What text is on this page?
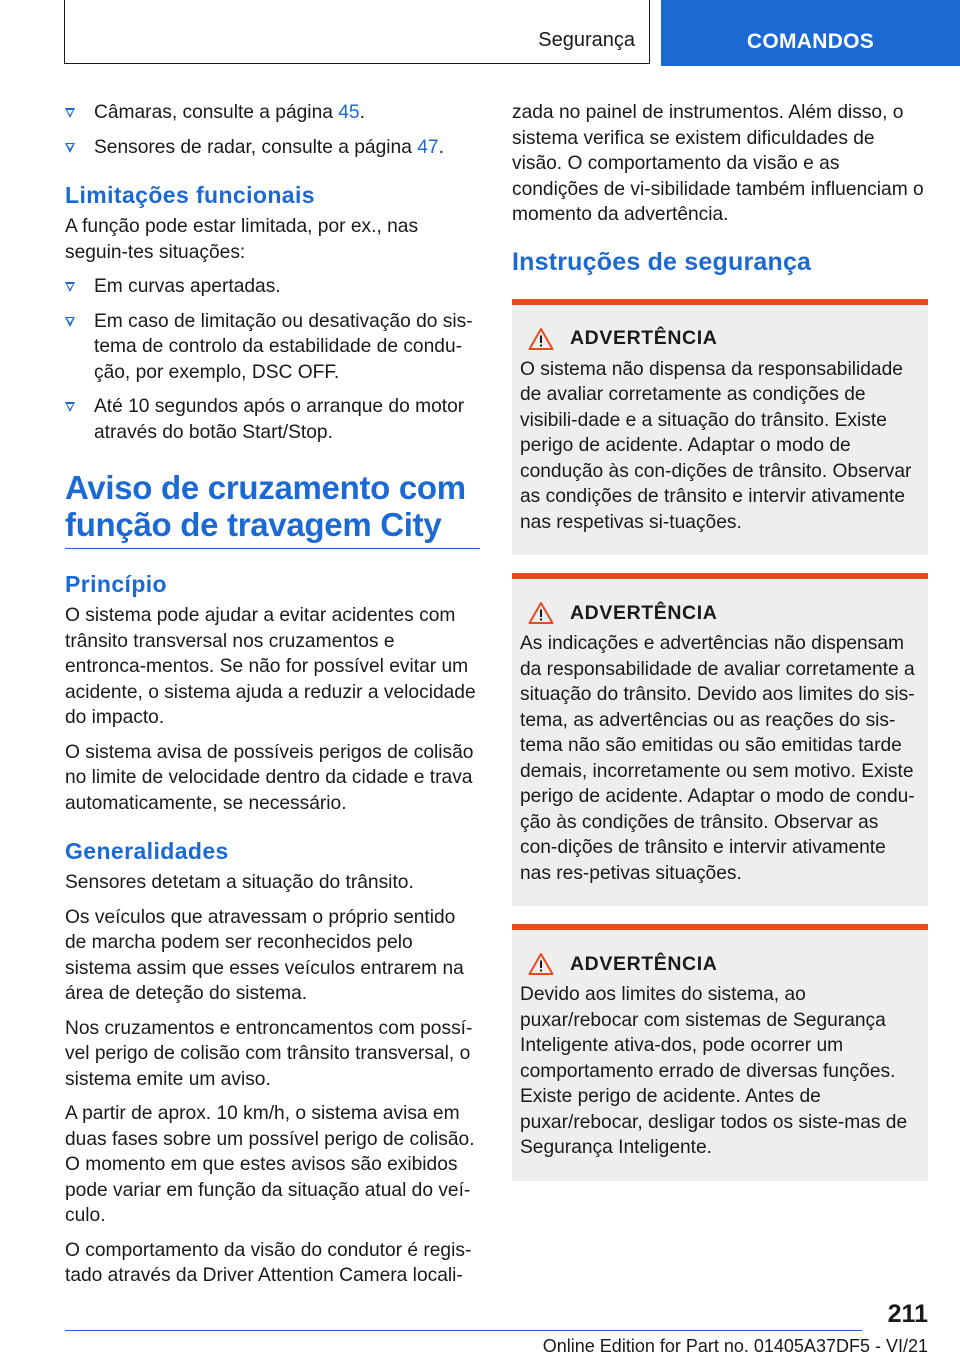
Segurança	COMANDOS
Câmaras, consulte a página 45.
Sensores de radar, consulte a página 47.
Limitações funcionais

A função pode estar limitada, por ex., nas seguin-tes situações:

Em curvas apertadas.
Em caso de limitação ou desativação do sis-tema de controlo da estabilidade de condu-ção, por exemplo, DSC OFF.
Até 10 segundos após o arranque do motor através do botão Start/Stop.
Aviso de cruzamento com função de travagem City
Princípio

O sistema pode ajudar a evitar acidentes com trânsito transversal nos cruzamentos e entronca-mentos. Se não for possível evitar um acidente, o sistema ajuda a reduzir a velocidade do impacto.

O sistema avisa de possíveis perigos de colisão no limite de velocidade dentro da cidade e trava automaticamente, se necessário.

Generalidades

Sensores detetam a situação do trânsito.

Os veículos que atravessam o próprio sentido de marcha podem ser reconhecidos pelo sistema assim que esses veículos entrarem na área de deteção do sistema.

Nos cruzamentos e entroncamentos com possí-vel perigo de colisão com trânsito transversal, o sistema emite um aviso.

A partir de aprox. 10 km/h, o sistema avisa em duas fases sobre um possível perigo de colisão. O momento em que estes avisos são exibidos pode variar em função da situação atual do veí-culo.

O comportamento da visão do condutor é regis-tado através da Driver Attention Camera locali-

zada no painel de instrumentos. Além disso, o sistema verifica se existem dificuldades de visão. O comportamento da visão e as condições de vi-sibilidade também influenciam o momento da advertência.

Instruções de segurança
ADVERTÊNCIA

O sistema não dispensa da responsabilidade de avaliar corretamente as condições de visibili-dade e a situação do trânsito. Existe perigo de acidente. Adaptar o modo de condução às con-dições de trânsito. Observar as condições de trânsito e intervir ativamente nas respetivas si-tuações.

ADVERTÊNCIA

As indicações e advertências não dispensam da responsabilidade de avaliar corretamente a situação do trânsito. Devido aos limites do sis-tema, as advertências ou as reações do sis-tema não são emitidas ou são emitidas tarde demais, incorretamente ou sem motivo. Existe perigo de acidente. Adaptar o modo de condu-ção às condições de trânsito. Observar as con-dições de trânsito e intervir ativamente nas res-petivas situações.

ADVERTÊNCIA

Devido aos limites do sistema, ao puxar/rebocar com sistemas de Segurança Inteligente ativa-dos, pode ocorrer um comportamento errado de diversas funções. Existe perigo de acidente. Antes de puxar/rebocar, desligar todos os siste-mas de Segurança Inteligente.

211
Online Edition for Part no. 01405A37DF5 - VI/21
